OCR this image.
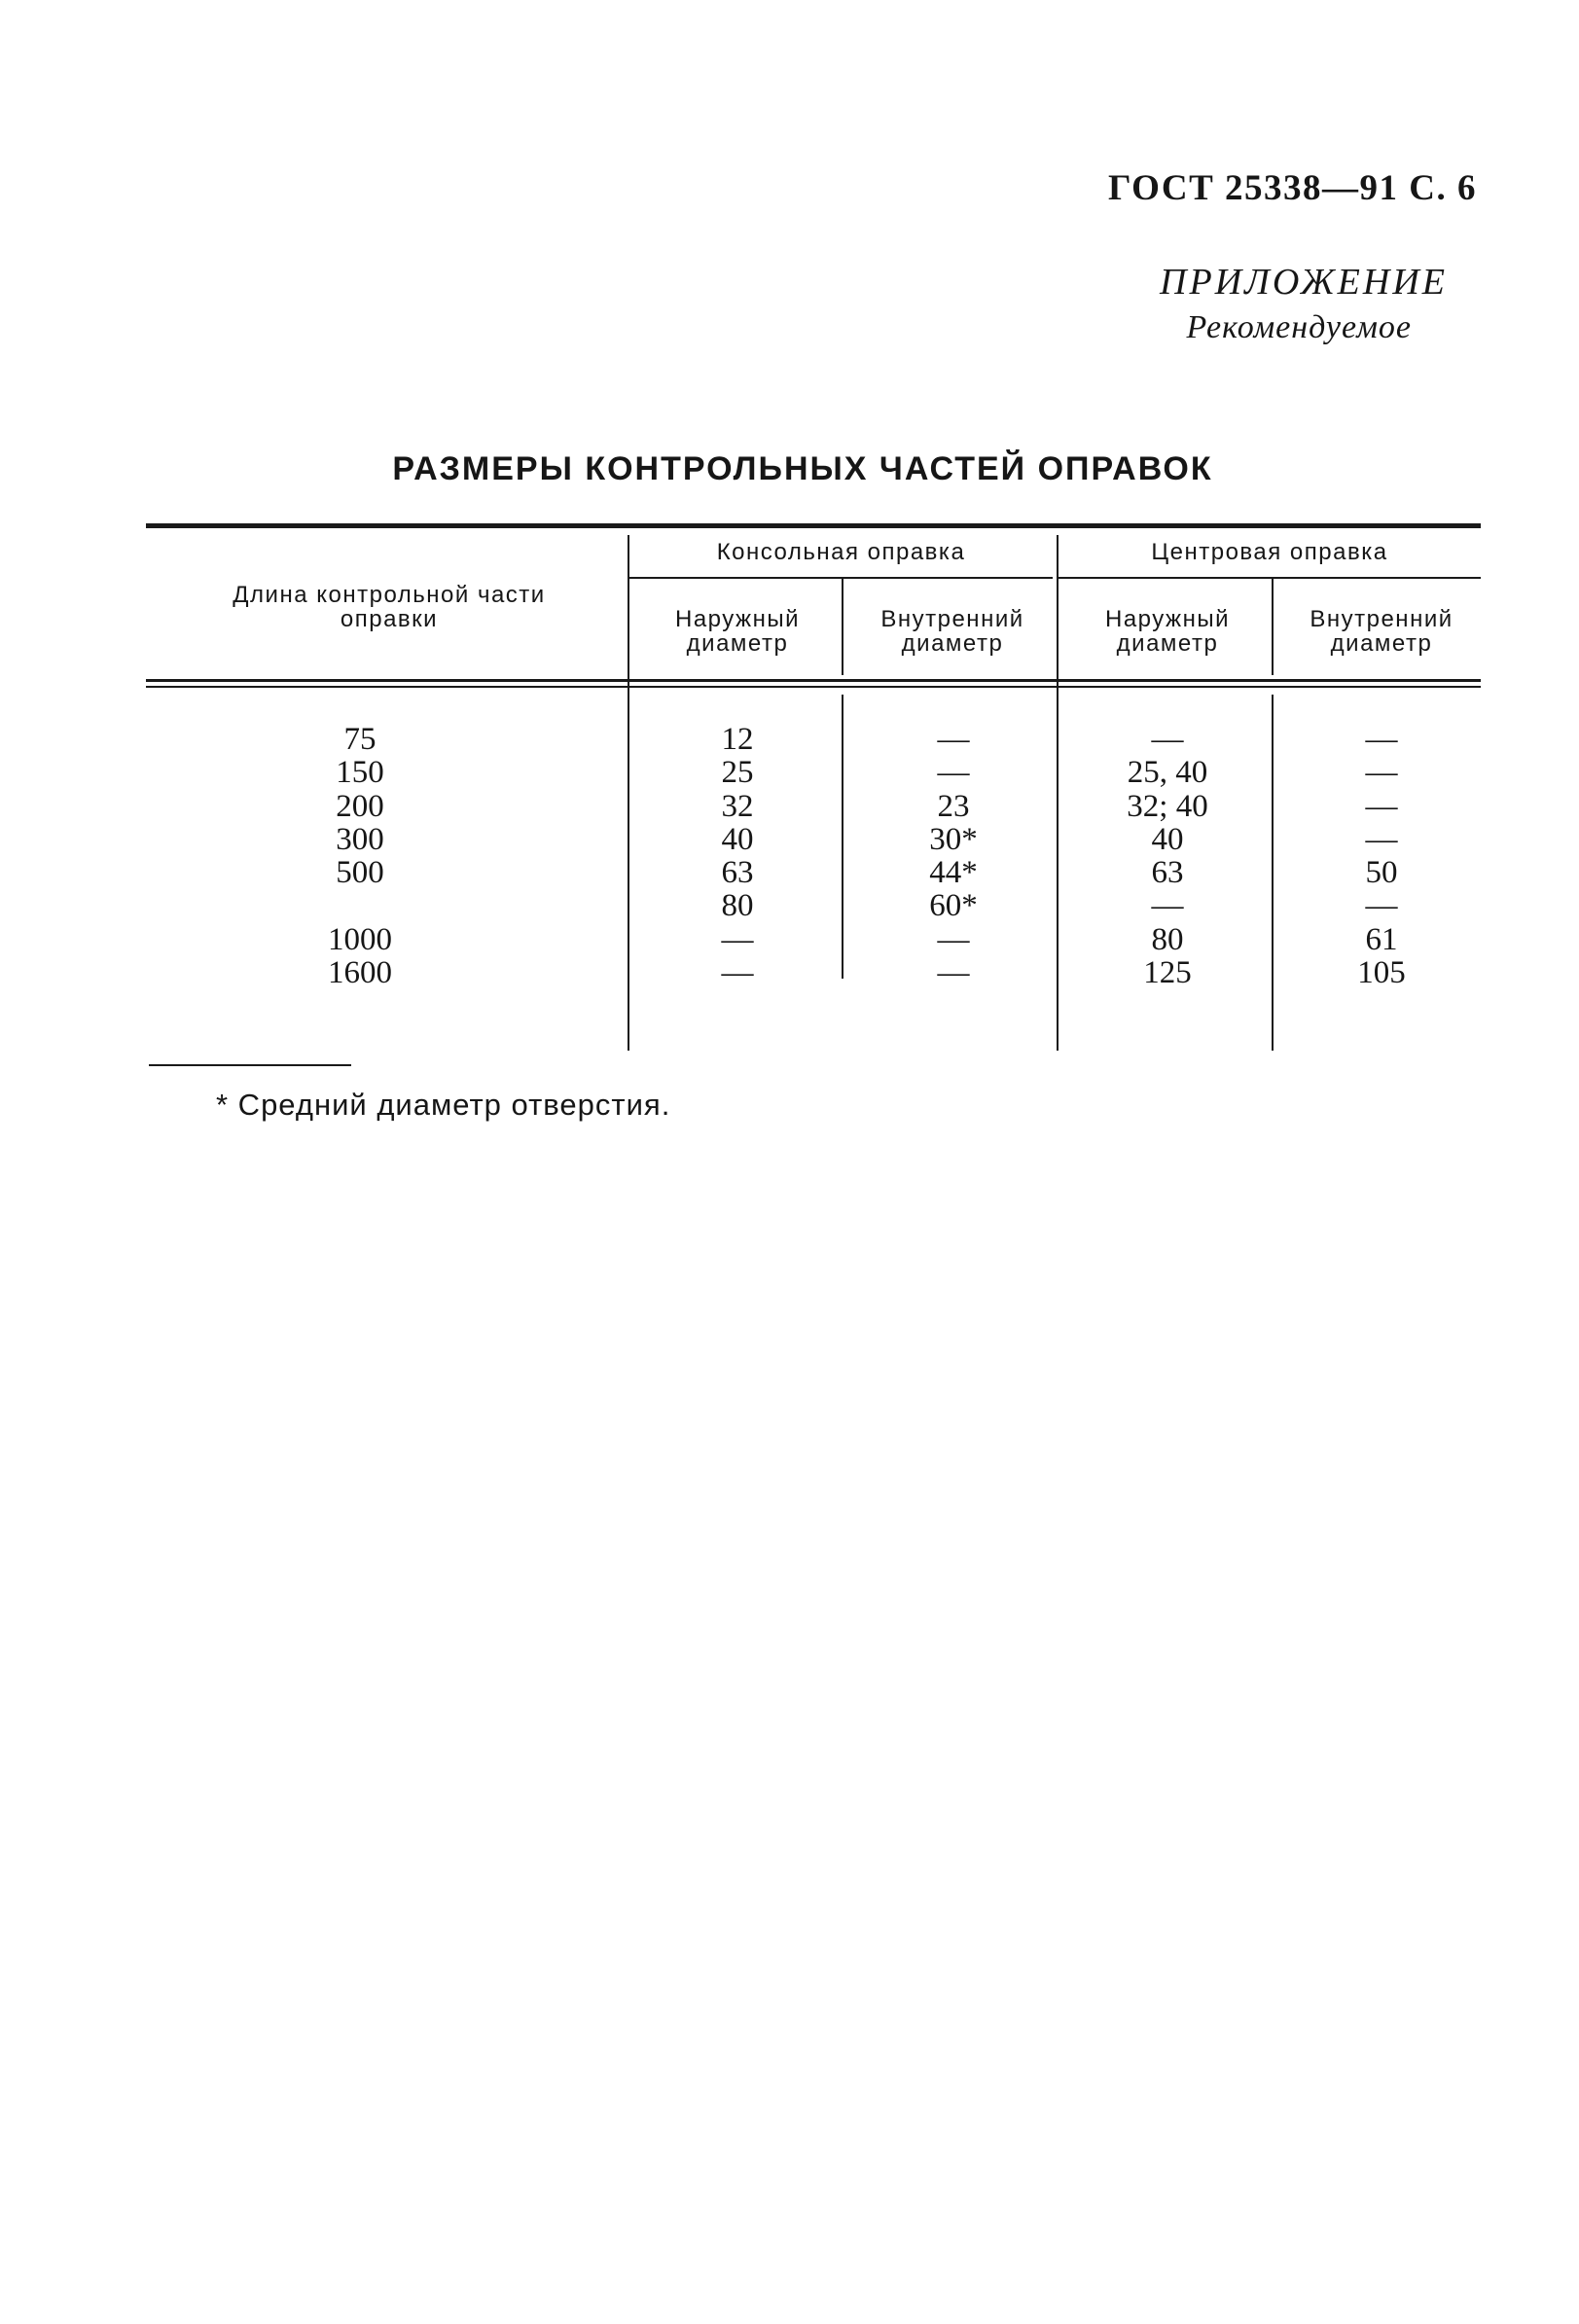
ГОСТ 25338—91 С. 6
ПРИЛОЖЕНИЕ
Рекомендуемое
РАЗМЕРЫ КОНТРОЛЬНЫХ ЧАСТЕЙ ОПРАВОК
Длина контрольной части оправки
Консольная оправка	Центровая оправка
Наружный диаметр
Внутренний диаметр
Наружный диаметр
Внутренний диаметр
75
150
200
300
500
1000
1600
12
25
32
40
63
80
—
—
—
—
23
30*
44*
60*
—
—
—
25, 40
32; 40
40
63
—
80
125
—
—
—
—
50
—
61
105
* Средний диаметр отверстия.
